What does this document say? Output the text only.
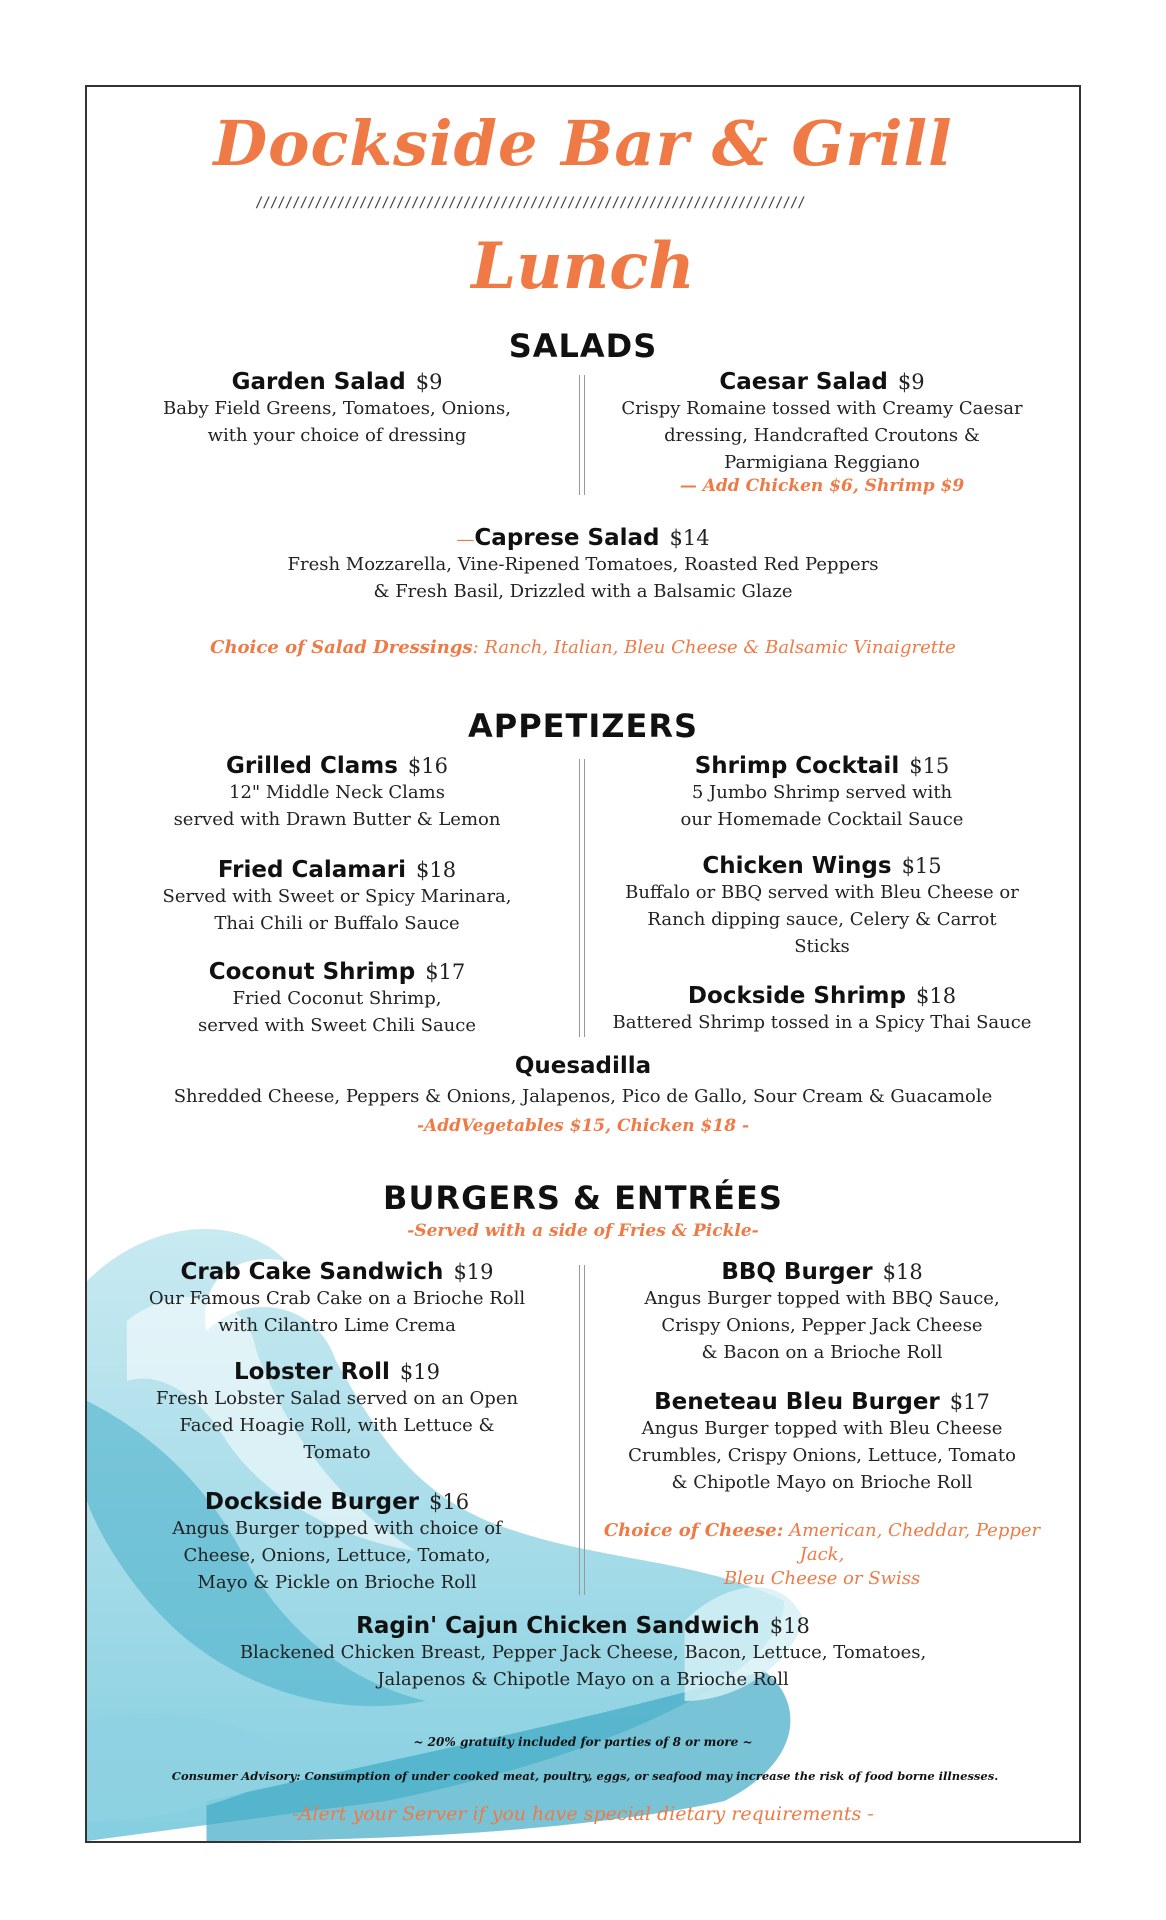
Dockside Bar & Grill
//////////////////////////////////////////////////////////////////////////
Lunch
SALADS
Garden Salad $9
Baby Field Greens, Tomatoes, Onions,
with your choice of dressing
Caesar Salad $9
Crispy Romaine tossed with Creamy Caesar
dressing, Handcrafted Croutons &
Parmigiana Reggiano
— Add Chicken $6, Shrimp $9
—Caprese Salad $14
Fresh Mozzarella, Vine-Ripened Tomatoes, Roasted Red Peppers
& Fresh Basil, Drizzled with a Balsamic Glaze
Choice of Salad Dressings: Ranch, Italian, Bleu Cheese & Balsamic Vinaigrette
APPETIZERS
Grilled Clams $16
12" Middle Neck Clams
served with Drawn Butter & Lemon
Fried Calamari $18
Served with Sweet or Spicy Marinara,
Thai Chili or Buffalo Sauce
Coconut Shrimp $17
Fried Coconut Shrimp,
served with Sweet Chili Sauce
Shrimp Cocktail $15
5 Jumbo Shrimp served with
our Homemade Cocktail Sauce
Chicken Wings $15
Buffalo or BBQ served with Bleu Cheese or
Ranch dipping sauce, Celery & Carrot
Sticks
Dockside Shrimp $18
Battered Shrimp tossed in a Spicy Thai Sauce
Quesadilla
Shredded Cheese, Peppers & Onions, Jalapenos, Pico de Gallo, Sour Cream & Guacamole
-AddVegetables $15, Chicken $18 -
BURGERS & ENTRÉES
-Served with a side of Fries & Pickle-
Crab Cake Sandwich $19
Our Famous Crab Cake on a Brioche Roll
with Cilantro Lime Crema
Lobster Roll $19
Fresh Lobster Salad served on an Open
Faced Hoagie Roll, with Lettuce &
Tomato
Dockside Burger $16
Angus Burger topped with choice of
Cheese, Onions, Lettuce, Tomato,
Mayo & Pickle on Brioche Roll
BBQ Burger $18
Angus Burger topped with BBQ Sauce,
Crispy Onions, Pepper Jack Cheese
& Bacon on a Brioche Roll
Beneteau Bleu Burger $17
Angus Burger topped with Bleu Cheese
Crumbles, Crispy Onions, Lettuce, Tomato
& Chipotle Mayo on Brioche Roll
Choice of Cheese: American, Cheddar, Pepper Jack,
Bleu Cheese or Swiss
Ragin' Cajun Chicken Sandwich $18
Blackened Chicken Breast, Pepper Jack Cheese, Bacon, Lettuce, Tomatoes,
Jalapenos & Chipotle Mayo on a Brioche Roll
~ 20% gratuity included for parties of 8 or more ~
Consumer Advisory: Consumption of under cooked meat, poultry, eggs, or seafood may increase the risk of food borne illnesses.
-Alert your Server if you have special dietary requirements -
